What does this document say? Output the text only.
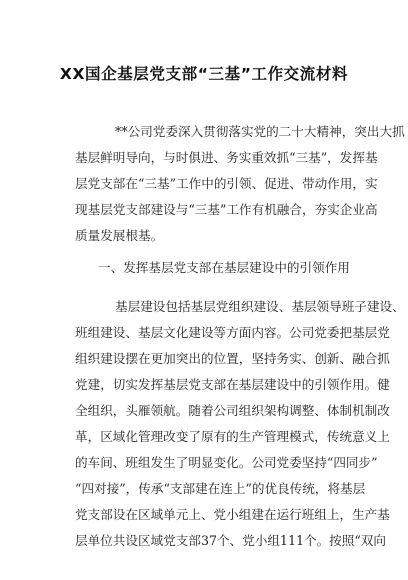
XX国企基层党支部“三基”工作交流材料
**公司党委深入贯彻落实党的二十大精神，突出大抓
基层鲜明导向，与时俱进、务实重效抓“三基”，发挥基
层党支部在“三基”工作中的引领、促进、带动作用，实
现基层党支部建设与“三基”工作有机融合，夯实企业高
质量发展根基。
一、发挥基层党支部在基层建设中的引领作用
基层建设包括基层党组织建设、基层领导班子建设、
班组建设、基层文化建设等方面内容。公司党委把基层党
组织建设摆在更加突出的位置，坚持务实、创新、融合抓
党建，切实发挥基层党支部在基层建设中的引领作用。健
全组织，头雁领航。随着公司组织架构调整、体制机制改
革，区域化管理改变了原有的生产管理模式，传统意义上
的车间、班组发生了明显变化。公司党委坚持“四同步”
“四对接”，传承“支部建在连上”的优良传统，将基层
党支部设在区域单元上、党小组建在运行班组上，生产基
层单位共设区域党支部37个、党小组111个。按照“双向
